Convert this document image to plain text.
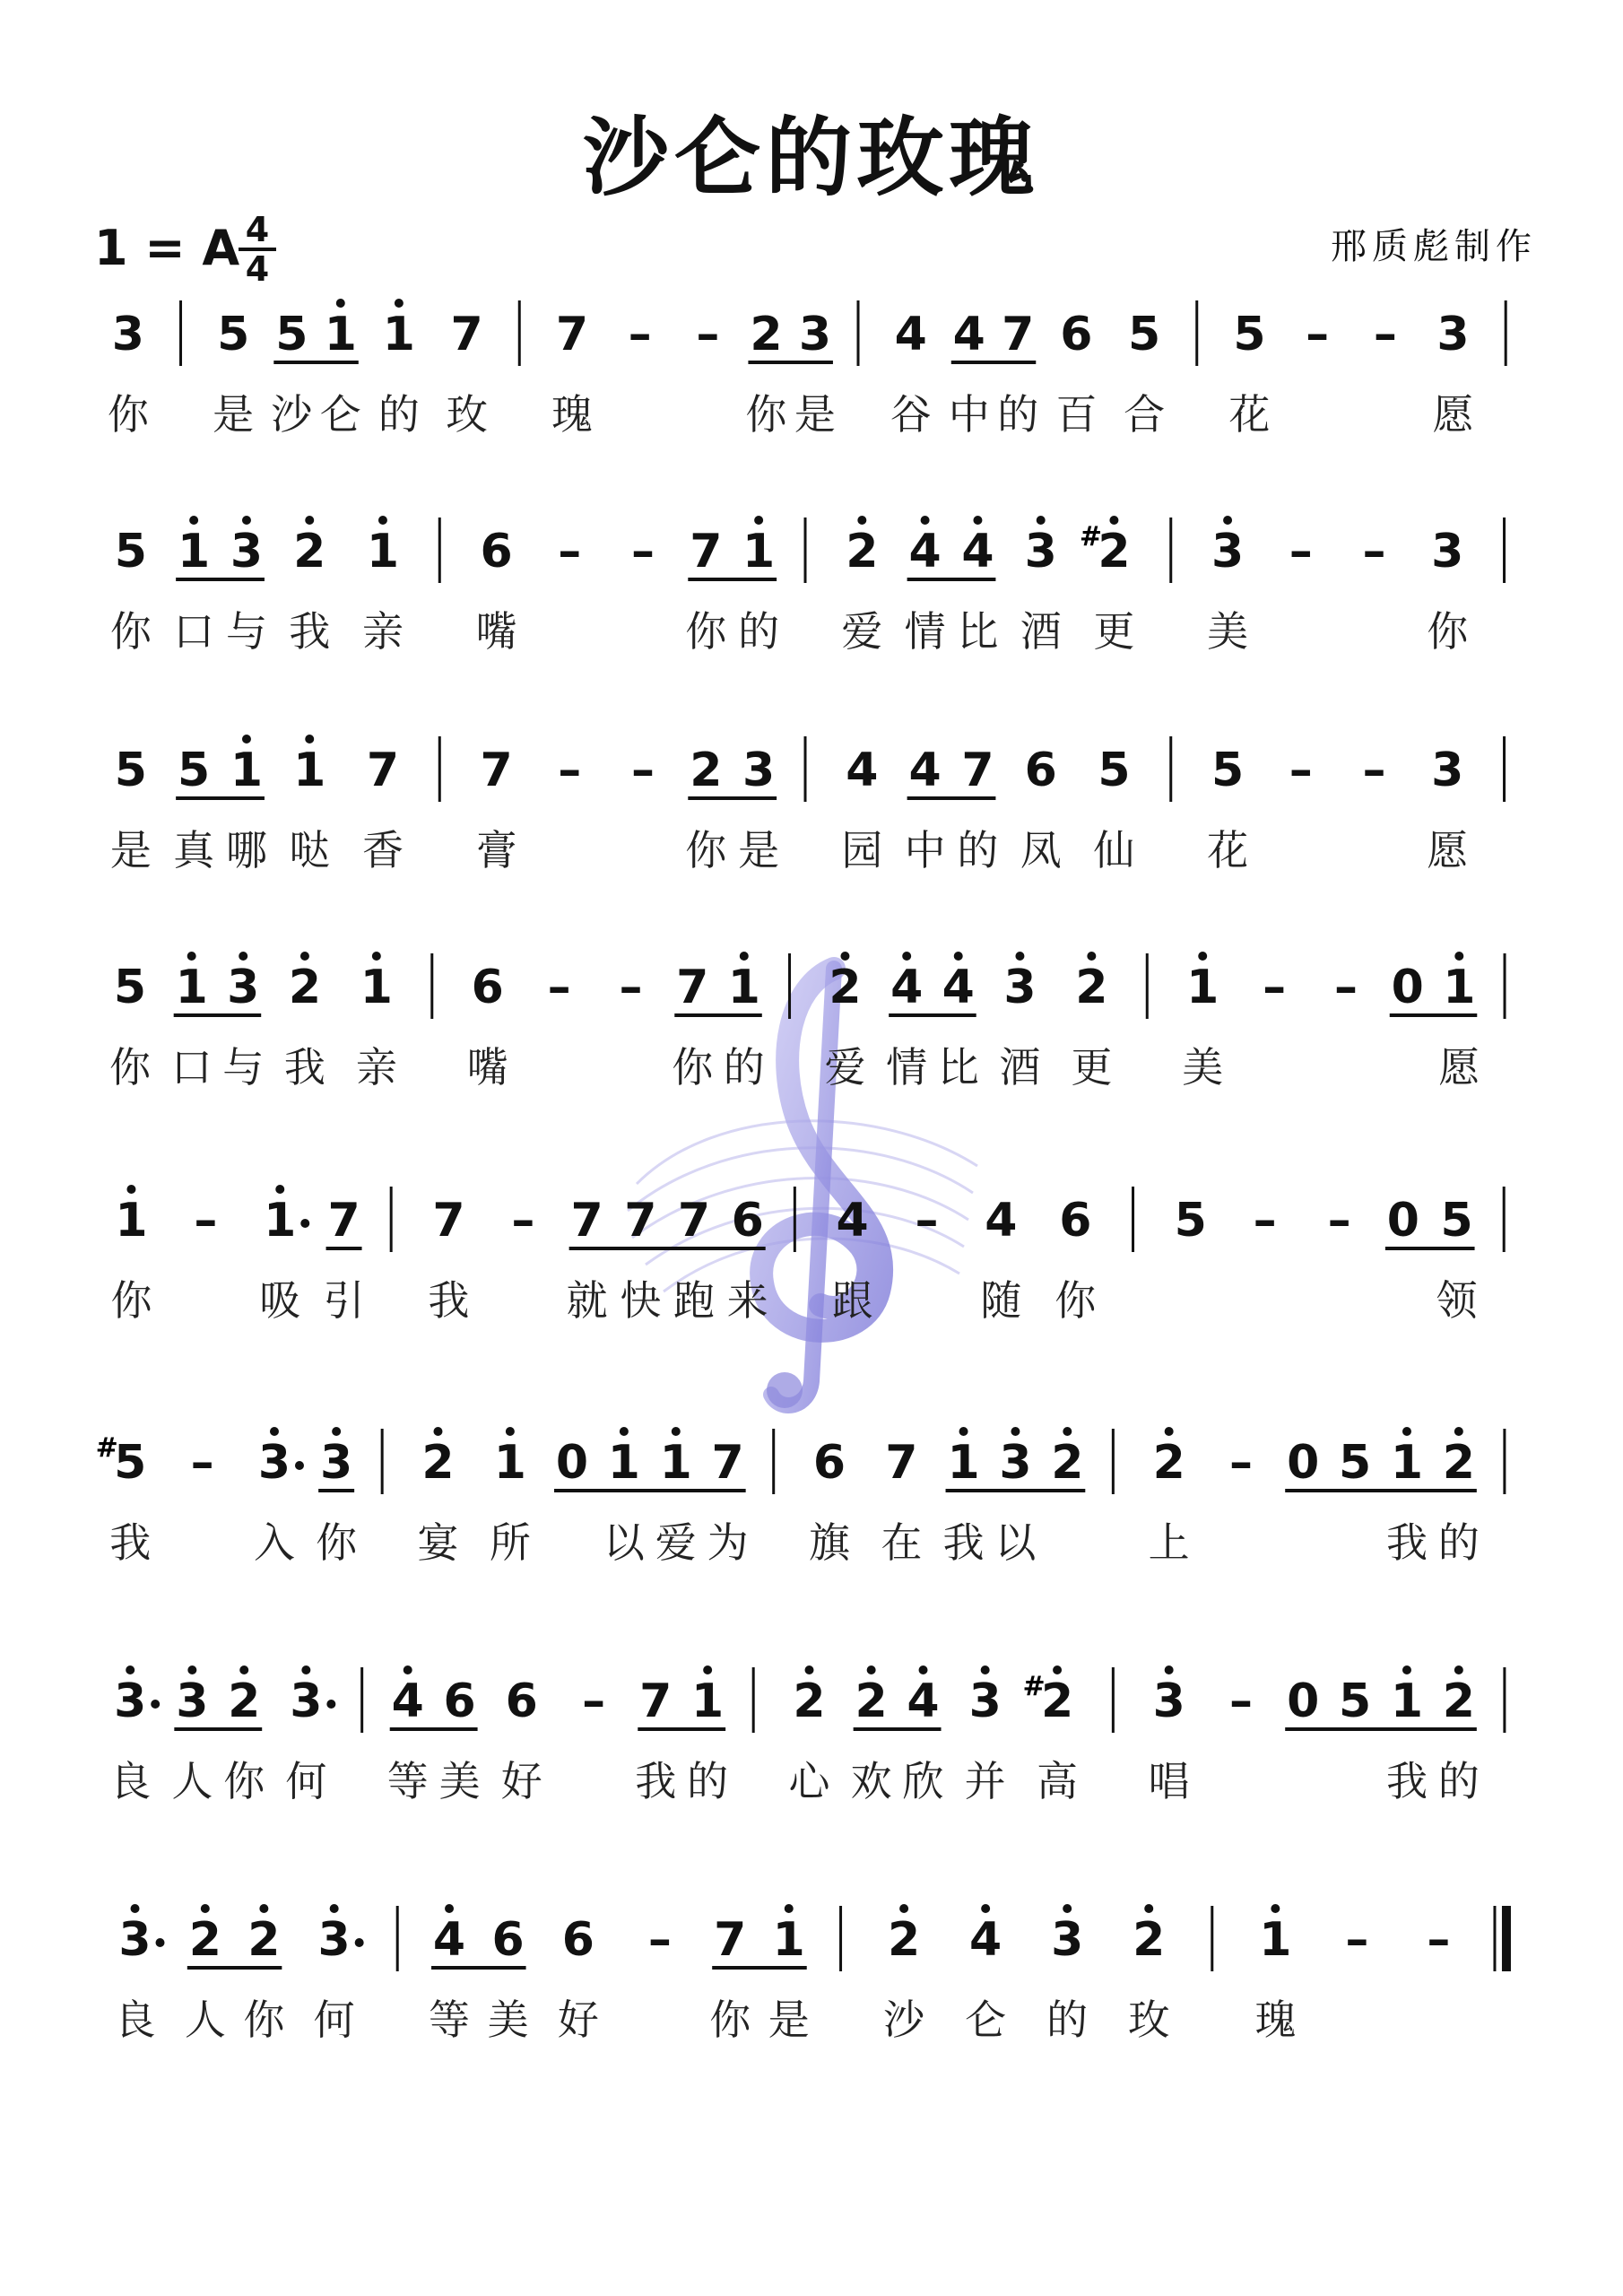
沙仑的玫瑰
1 = A 4
4
邢质彪制作
3
你
5
是
5
沙
1
仑
1
的
7
玫
7
瑰
– – 2
你
3
是
4
谷
4
中
7
的
6
百
5
合
5
花
– – 3
愿
5
你
1
口
3
与
2
我
1
亲
6
嘴
– – 7
你
1
的
2
爱
4
情
4
比
3
酒
#
2
更
3
美
– – 3
你
5
是
5
真
1
哪
1
哒
7
香
7
膏
– – 2
你
3
是
4
园
4
中
7
的
6
凤
5
仙
5
花
– – 3
愿
5
你
1
口
3
与
2
我
1
亲
6
嘴
– – 7
你
1
的
2
爱
4
情
4
比
3
酒
2
更
1
美
– – 0 1
愿
1
你
– 1
吸
7
引
7
我
– 7
就
7
快
7
跑
6
来
4
跟
– 4
随
6
你
5 – – 0 5
领
#
5
我
– 3
入
3
你
2
宴
1
所
0 1
以
1
爱
7
为
6
旗
7
在
1
我
3
以
2 2
上
– 0 5 1
我
2
的
3
良
3
人
2
你
3
何
4
等
6
美
6
好
– 7
我
1
的
2
心
2
欢
4
欣
3
并
#
2
高
3
唱
– 0 5 1
我
2
的
3
良
2
人
2
你
3
何
4
等
6
美
6
好
– 7
你
1
是
2
沙
4
仑
3
的
2
玫
1
瑰
– –
